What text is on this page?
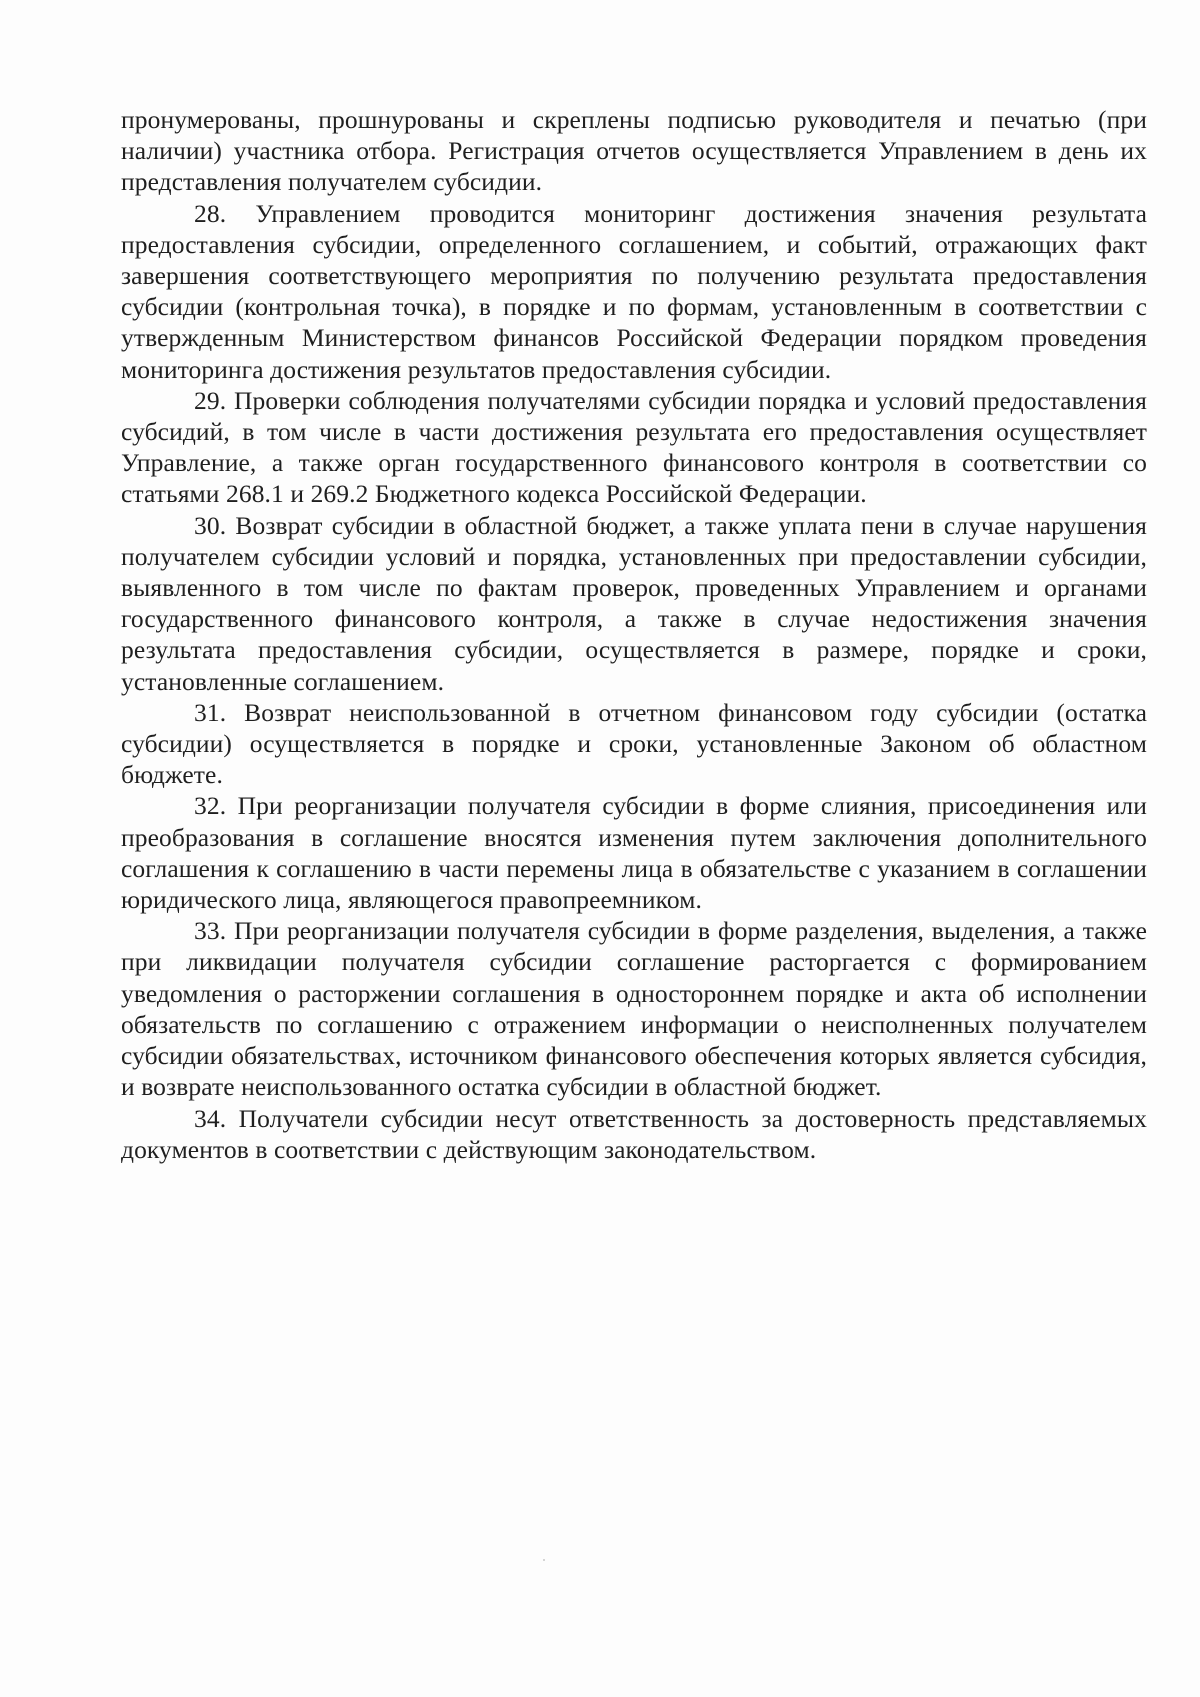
пронумерованы, прошнурованы и скреплены подписью руководителя и печатью (при наличии) участника отбора. Регистрация отчетов осуществляется Управлением в день их представления получателем субсидии.

28. Управлением проводится мониторинг достижения значения результата предоставления субсидии, определенного соглашением, и событий, отражающих факт завершения соответствующего мероприятия по получению результата предоставления субсидии (контрольная точка), в порядке и по формам, установленным в соответствии с утвержденным Министерством финансов Российской Федерации порядком проведения мониторинга достижения результатов предоставления субсидии.

29. Проверки соблюдения получателями субсидии порядка и условий предоставления субсидий, в том числе в части достижения результата его предоставления осуществляет Управление, а также орган государственного финансового контроля в соответствии со статьями 268.1 и 269.2 Бюджетного кодекса Российской Федерации.

30. Возврат субсидии в областной бюджет, а также уплата пени в случае нарушения получателем субсидии условий и порядка, установленных при предоставлении субсидии, выявленного в том числе по фактам проверок, проведенных Управлением и органами государственного финансового контроля, а также в случае недостижения значения результата предоставления субсидии, осуществляется в размере, порядке и сроки, установленные соглашением.

31. Возврат неиспользованной в отчетном финансовом году субсидии (остатка субсидии) осуществляется в порядке и сроки, установленные Законом об областном бюджете.

32. При реорганизации получателя субсидии в форме слияния, присоединения или преобразования в соглашение вносятся изменения путем заключения дополнительного соглашения к соглашению в части перемены лица в обязательстве с указанием в соглашении юридического лица, являющегося правопреемником.

33. При реорганизации получателя субсидии в форме разделения, выделения, а также при ликвидации получателя субсидии соглашение расторгается с формированием уведомления о расторжении соглашения в одностороннем порядке и акта об исполнении обязательств по соглашению с отражением информации о неисполненных получателем субсидии обязательствах, источником финансового обеспечения которых является субсидия, и возврате неиспользованного остатка субсидии в областной бюджет.

34. Получатели субсидии несут ответственность за достоверность представляемых документов в соответствии с действующим законодательством.
